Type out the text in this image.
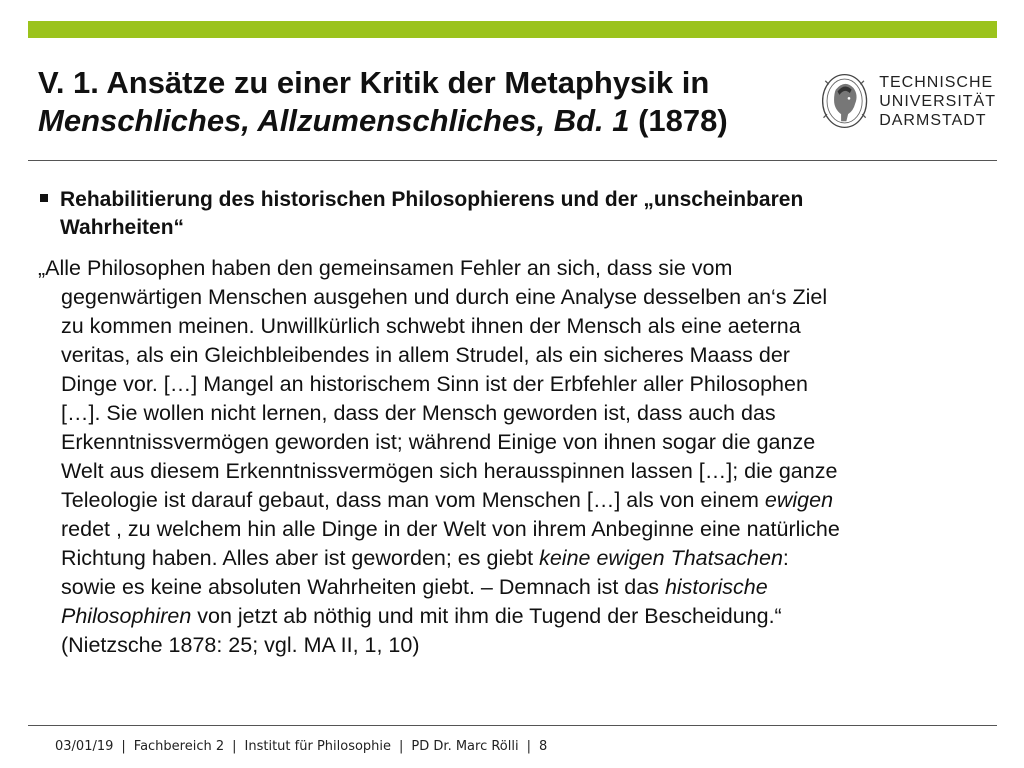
V. 1. Ansätze zu einer Kritik der Metaphysik in
Menschliches, Allzumenschliches, Bd. 1 (1878)
TECHNISCHE
UNIVERSITÄT
DARMSTADT
Rehabilitierung des historischen Philosophierens und der „unscheinbaren
Wahrheiten“
„Alle Philosophen haben den gemeinsamen Fehler an sich, dass sie vom
gegenwärtigen Menschen ausgehen und durch eine Analyse desselben an‘s Ziel
zu kommen meinen. Unwillkürlich schwebt ihnen der Mensch als eine aeterna
veritas, als ein Gleichbleibendes in allem Strudel, als ein sicheres Maass der
Dinge vor. […] Mangel an historischem Sinn ist der Erbfehler aller Philosophen
[…]. Sie wollen nicht lernen, dass der Mensch geworden ist, dass auch das
Erkenntnissvermögen geworden ist; während Einige von ihnen sogar die ganze
Welt aus diesem Erkenntnissvermögen sich herausspinnen lassen […]; die ganze
Teleologie ist darauf gebaut, dass man vom Menschen […] als von einem ewigen
redet , zu welchem hin alle Dinge in der Welt von ihrem Anbeginne eine natürliche
Richtung haben. Alles aber ist geworden; es giebt keine ewigen Thatsachen:
sowie es keine absoluten Wahrheiten giebt. – Demnach ist das historische
Philosophiren von jetzt ab nöthig und mit ihm die Tugend der Bescheidung.“
(Nietzsche 1878: 25; vgl. MA II, 1, 10)
03/01/19 | Fachbereich 2 | Institut für Philosophie | PD Dr. Marc Rölli | 8
